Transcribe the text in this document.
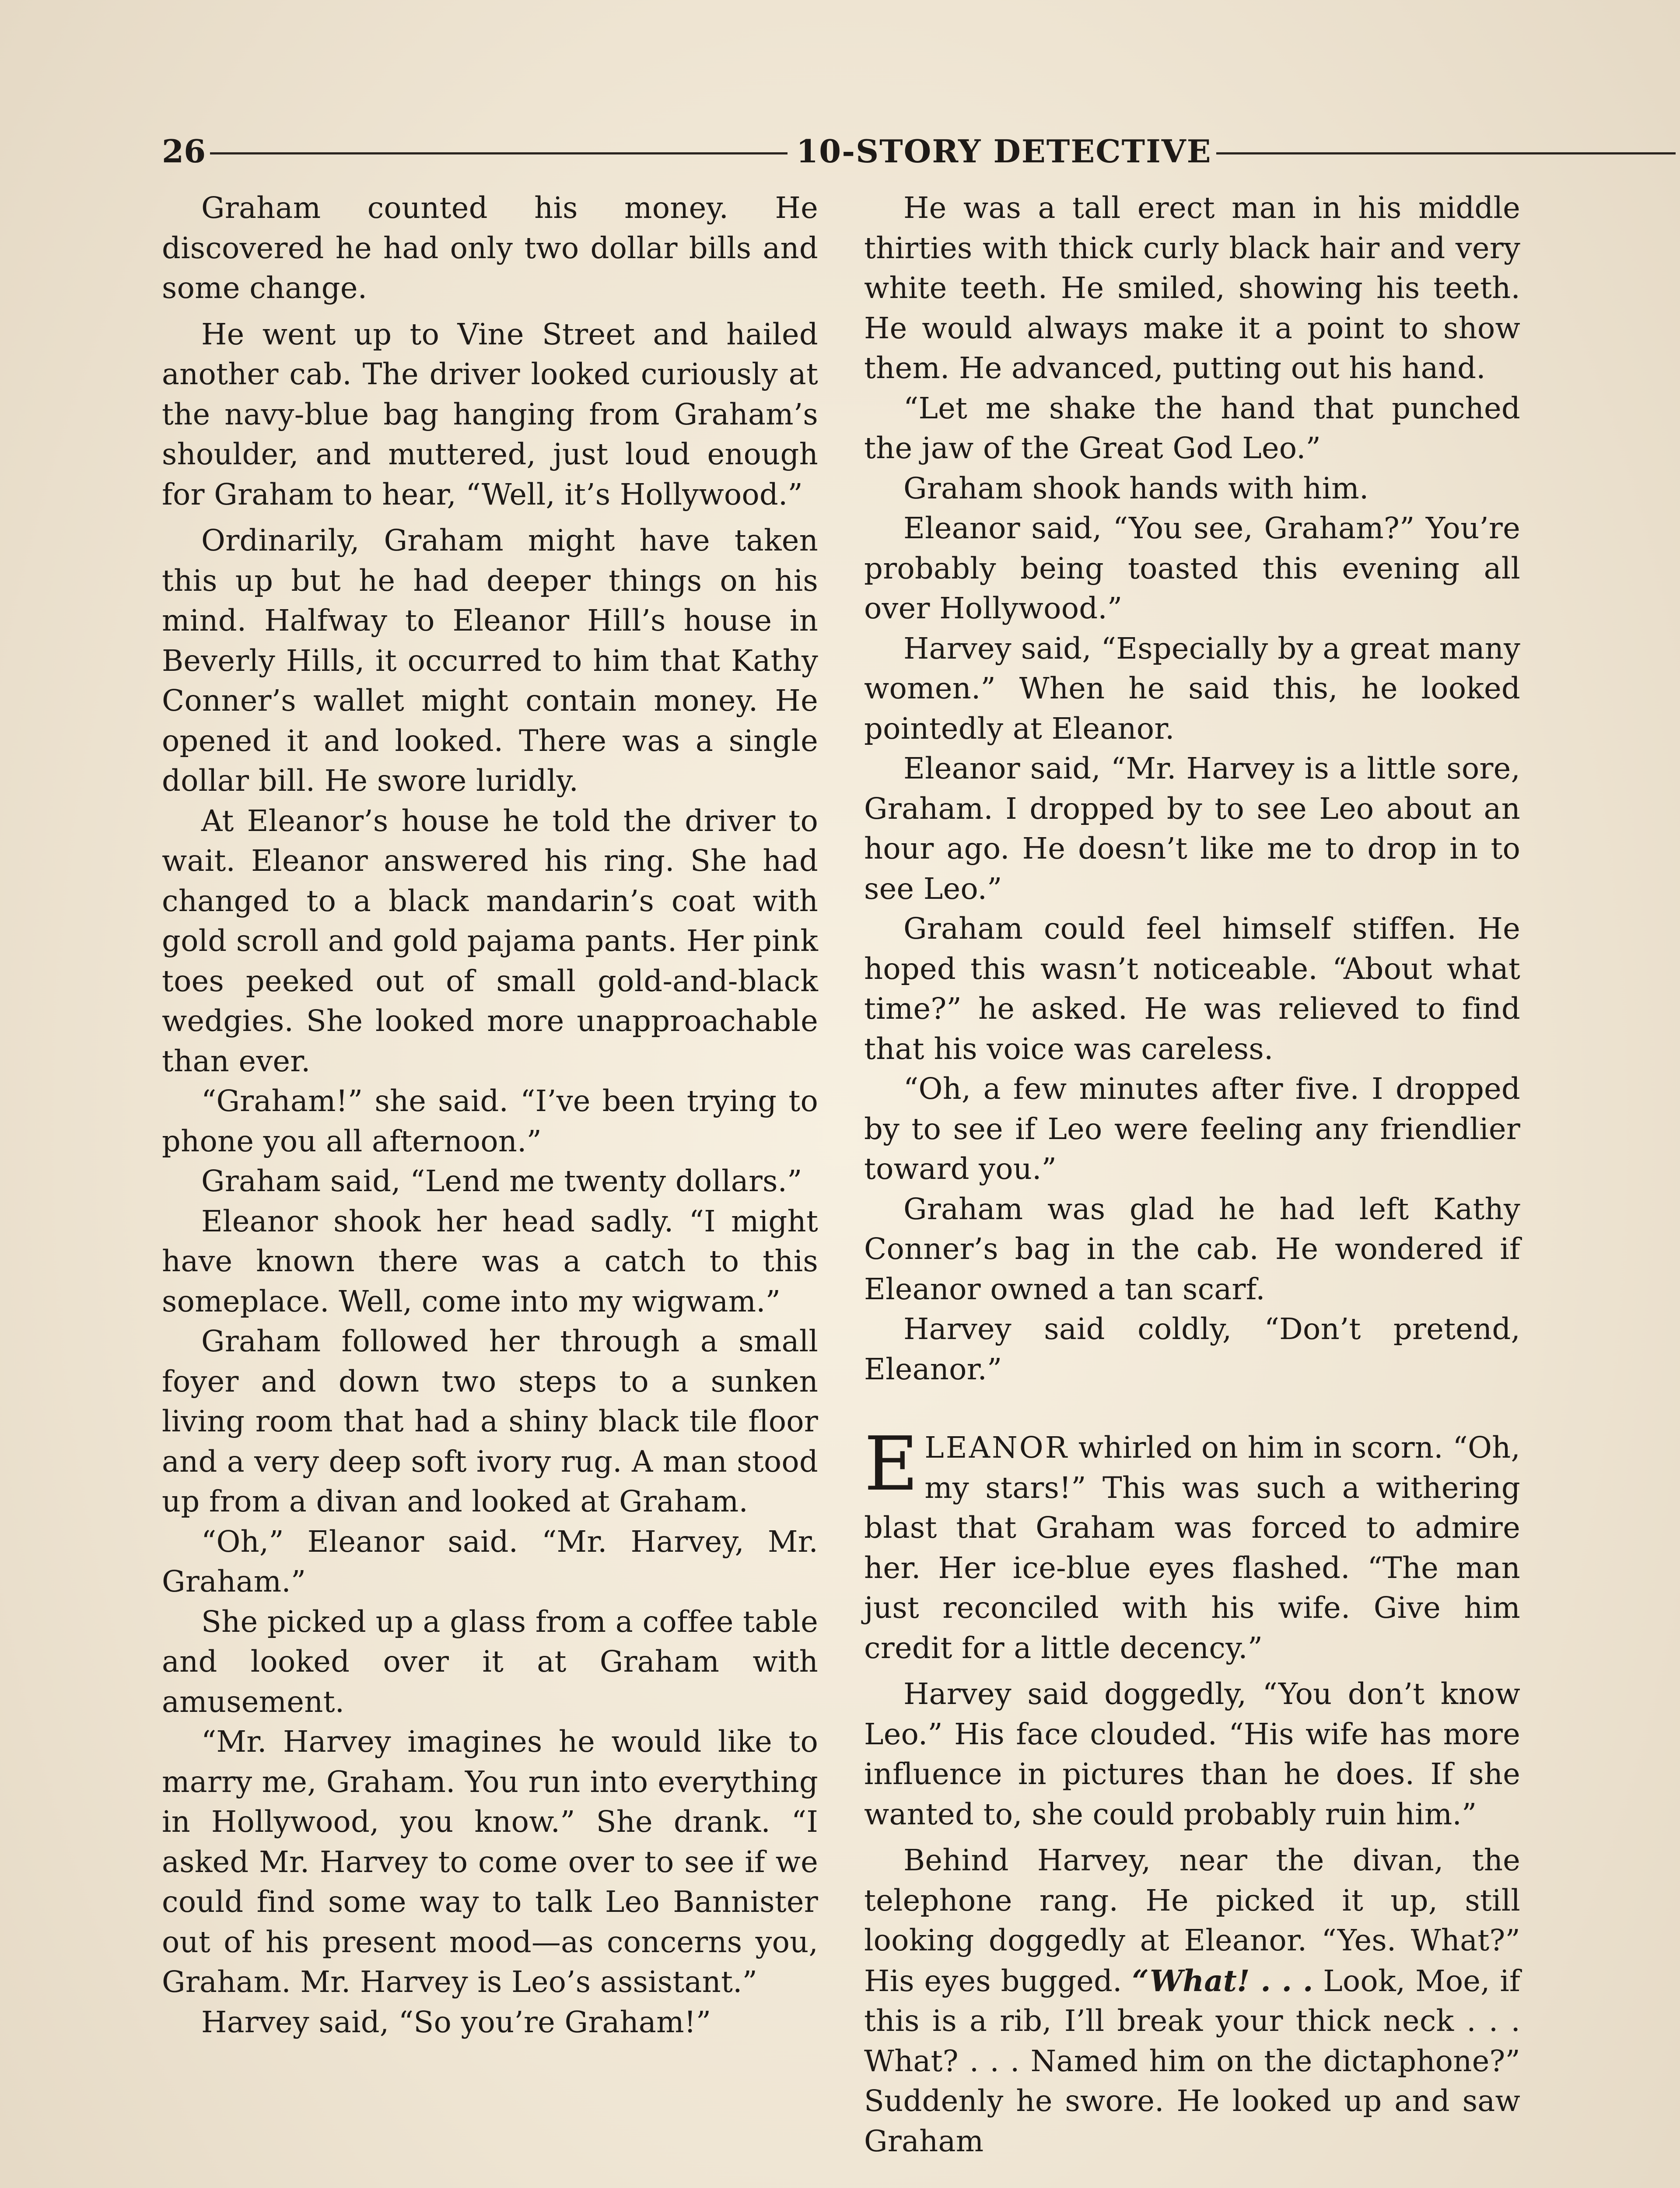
26	10-STORY DETECTIVE

Graham counted his money. He discovered he had only two dollar bills and some change.

He went up to Vine Street and hailed another cab. The driver looked curiously at the navy-blue bag hanging from Graham’s shoulder, and muttered, just loud enough for Graham to hear, “Well, it’s Hollywood.”

Ordinarily, Graham might have taken this up but he had deeper things on his mind. Halfway to Eleanor Hill’s house in Beverly Hills, it occurred to him that Kathy Conner’s wallet might contain money. He opened it and looked. There was a single dollar bill. He swore luridly.

At Eleanor’s house he told the driver to wait. Eleanor answered his ring. She had changed to a black mandarin’s coat with gold scroll and gold pajama pants. Her pink toes peeked out of small gold-and-black wedgies. She looked more unapproachable than ever.

“Graham!” she said. “I’ve been trying to phone you all afternoon.”

Graham said, “Lend me twenty dollars.”

Eleanor shook her head sadly. “I might have known there was a catch to this someplace. Well, come into my wigwam.”

Graham followed her through a small foyer and down two steps to a sunken living room that had a shiny black tile floor and a very deep soft ivory rug. A man stood up from a divan and looked at Graham.

“Oh,” Eleanor said. “Mr. Harvey, Mr. Graham.”

She picked up a glass from a coffee table and looked over it at Graham with amusement.

“Mr. Harvey imagines he would like to marry me, Graham. You run into everything in Hollywood, you know.” She drank. “I asked Mr. Harvey to come over to see if we could find some way to talk Leo Bannister out of his present mood—as concerns you, Graham. Mr. Harvey is Leo’s assistant.”

Harvey said, “So you’re Graham!”

He was a tall erect man in his middle thirties with thick curly black hair and very white teeth. He smiled, showing his teeth. He would always make it a point to show them. He advanced, putting out his hand.

“Let me shake the hand that punched the jaw of the Great God Leo.”

Graham shook hands with him.

Eleanor said, “You see, Graham?” You’re probably being toasted this evening all over Hollywood.”

Harvey said, “Especially by a great many women.” When he said this, he looked pointedly at Eleanor.

Eleanor said, “Mr. Harvey is a little sore, Graham. I dropped by to see Leo about an hour ago. He doesn’t like me to drop in to see Leo.”

Graham could feel himself stiffen. He hoped this wasn’t noticeable. “About what time?” he asked. He was relieved to find that his voice was careless.

“Oh, a few minutes after five. I dropped by to see if Leo were feeling any friendlier toward you.”

Graham was glad he had left Kathy Conner’s bag in the cab. He wondered if Eleanor owned a tan scarf.

Harvey said coldly, “Don’t pretend, Eleanor.”

ELEANOR whirled on him in scorn. “Oh, my stars!” This was such a withering blast that Graham was forced to admire her. Her ice-blue eyes flashed. “The man just reconciled with his wife. Give him credit for a little decency.”

Harvey said doggedly, “You don’t know Leo.” His face clouded. “His wife has more influence in pictures than he does. If she wanted to, she could probably ruin him.”

Behind Harvey, near the divan, the telephone rang. He picked it up, still looking doggedly at Eleanor. “Yes. What?” His eyes bugged. “What! . . . Look, Moe, if this is a rib, I’ll break your thick neck . . . What? . . . Named him on the dictaphone?” Suddenly he swore. He looked up and saw Graham
